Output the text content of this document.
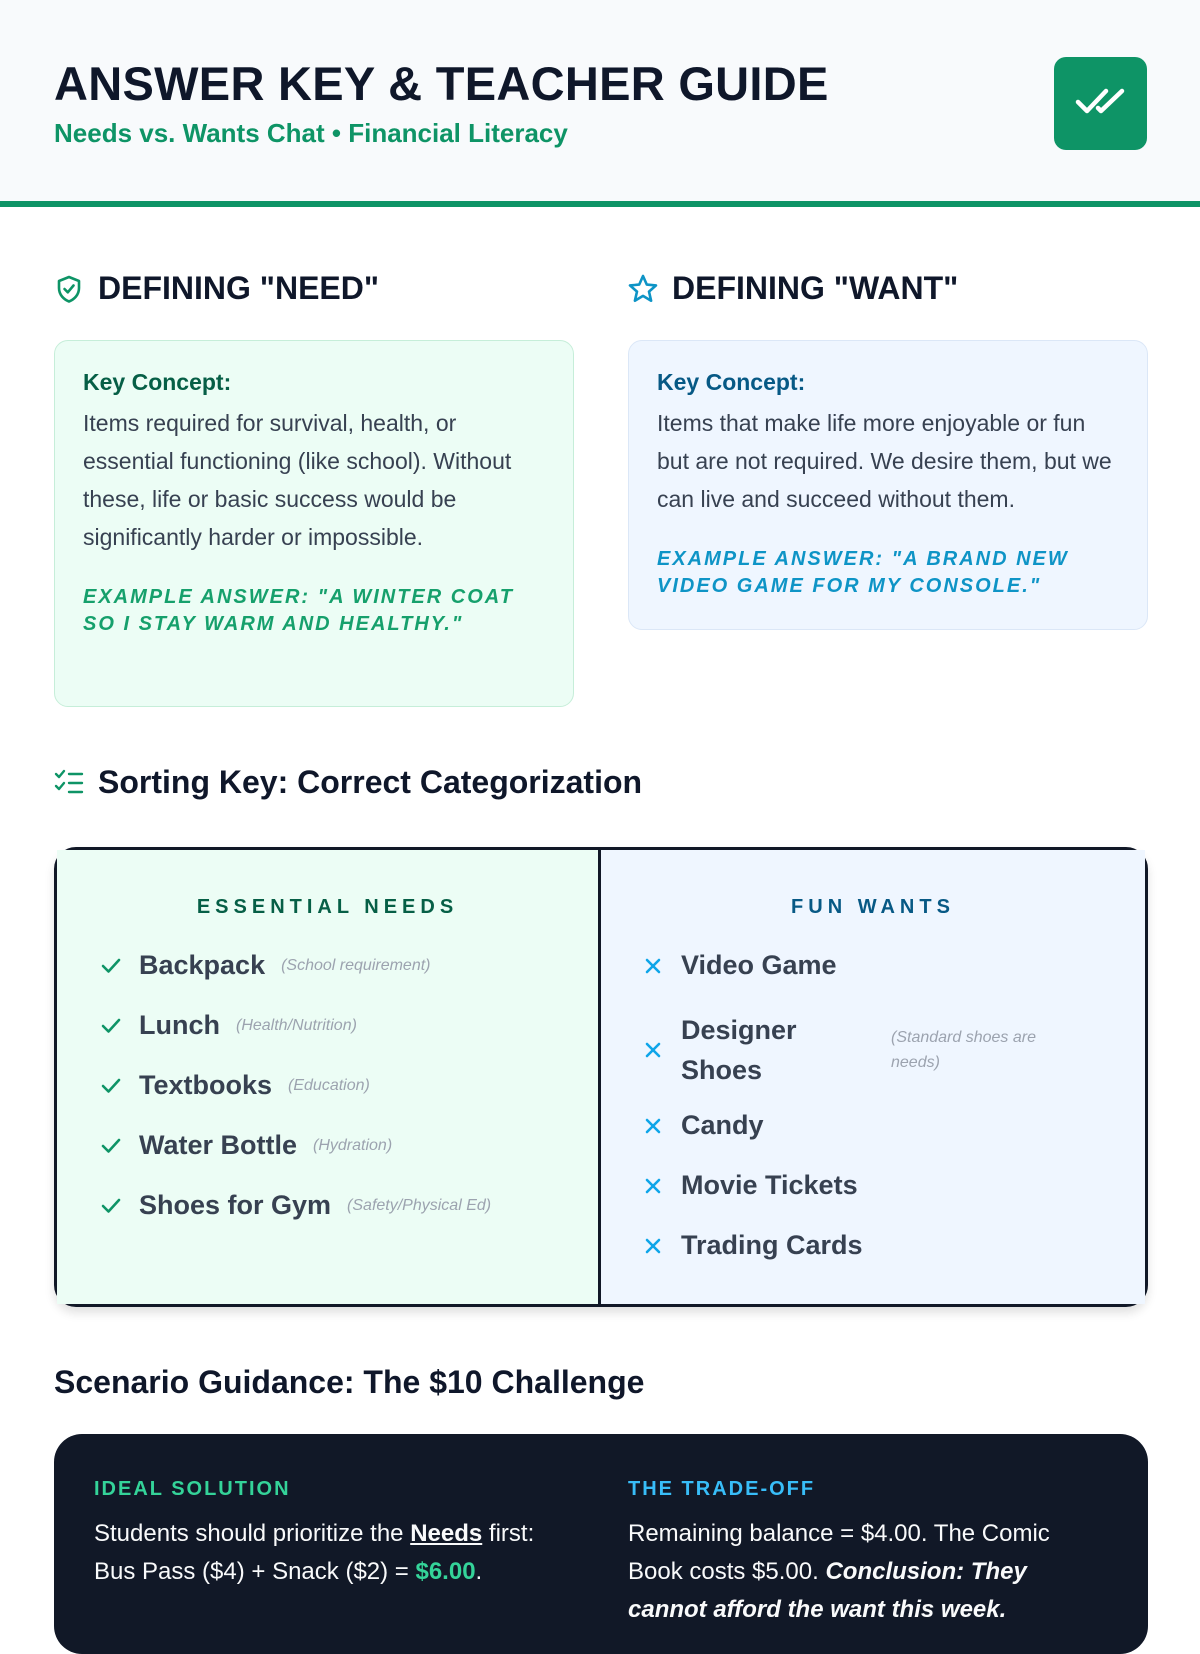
ANSWER KEY & TEACHER GUIDE
Needs vs. Wants Chat • Financial Literacy
DEFINING "NEED"
Key Concept:
Items required for survival, health, or essential functioning (like school). Without these, life or basic success would be significantly harder or impossible.
EXAMPLE ANSWER: "A WINTER COAT SO I STAY WARM AND HEALTHY."
DEFINING "WANT"
Key Concept:
Items that make life more enjoyable or fun but are not required. We desire them, but we can live and succeed without them.
EXAMPLE ANSWER: "A BRAND NEW VIDEO GAME FOR MY CONSOLE."
Sorting Key: Correct Categorization
ESSENTIAL NEEDS
Backpack (School requirement)
Lunch (Health/Nutrition)
Textbooks (Education)
Water Bottle (Hydration)
Shoes for Gym (Safety/Physical Ed)
FUN WANTS
Video Game
Designer Shoes
(Standard shoes are needs)
Candy
Movie Tickets
Trading Cards
Scenario Guidance: The $10 Challenge
IDEAL SOLUTION
Students should prioritize the Needs first: Bus Pass ($4) + Snack ($2) = $6.00.
THE TRADE-OFF
Remaining balance = $4.00. The Comic Book costs $5.00. Conclusion: They cannot afford the want this week.
